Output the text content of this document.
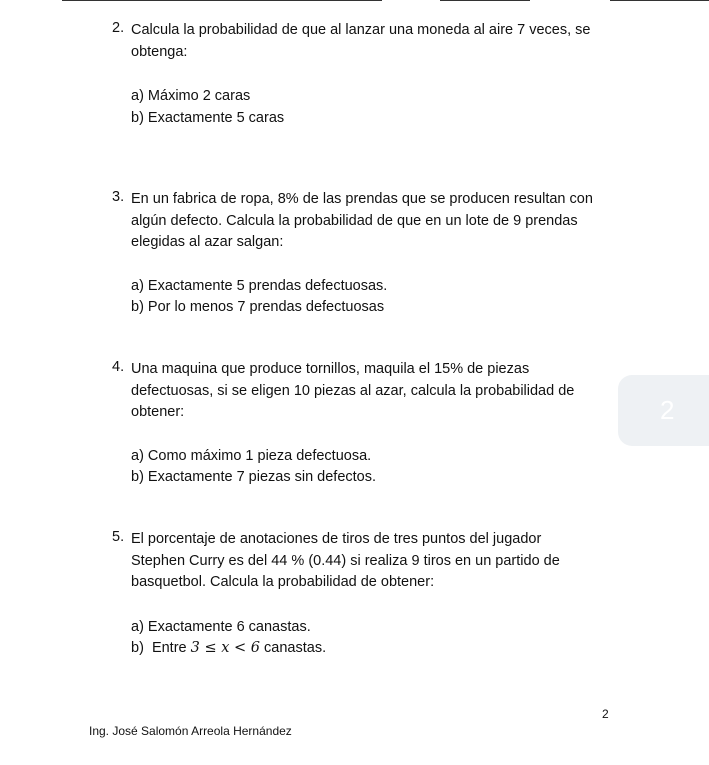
2. Calcula la probabilidad de que al lanzar una moneda al aire 7 veces, se
obtenga:
a) Máximo 2 caras
b) Exactamente 5 caras
3. En un fabrica de ropa, 8% de las prendas que se producen resultan con
algún defecto. Calcula la probabilidad de que en un lote de 9 prendas
elegidas al azar salgan:
a) Exactamente 5 prendas defectuosas.
b) Por lo menos 7 prendas defectuosas
4. Una maquina que produce tornillos, maquila el 15% de piezas
defectuosas, si se eligen 10 piezas al azar, calcula la probabilidad de
obtener:
a) Como máximo 1 pieza defectuosa.
b) Exactamente 7 piezas sin defectos.
5. El porcentaje de anotaciones de tiros de tres puntos del jugador
Stephen Curry es del 44 % (0.44) si realiza 9 tiros en un partido de
basquetbol. Calcula la probabilidad de obtener:
a) Exactamente 6 canastas.
b)  Entre 3 ≤ x < 6 canastas.
2
2
Ing. José Salomón Arreola Hernández
